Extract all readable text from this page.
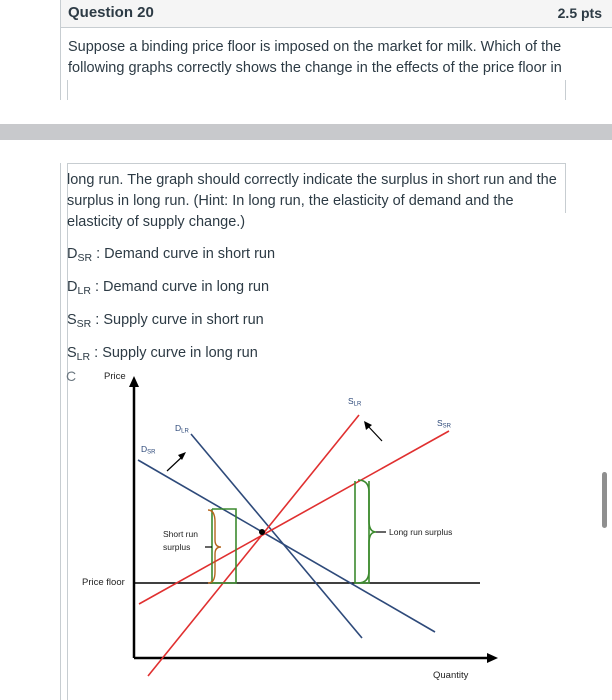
Question 20	2.5 pts
Suppose a binding price floor is imposed on the market for milk. Which of the following graphs correctly shows the change in the effects of the price floor in
long run. The graph should correctly indicate the surplus in short run and the surplus in long run. (Hint: In long run, the elasticity of demand and the elasticity of supply change.)
$D_{SR}$ : Demand curve in short run
$D_{LR}$ : Demand curve in long run
$S_{SR}$ : Supply curve in short run
$S_{LR}$ : Supply curve in long run
C	Price
Quantity
Price floor
DSR
DLR
SLR
SSR
Short run
surplus
Long run surplus
